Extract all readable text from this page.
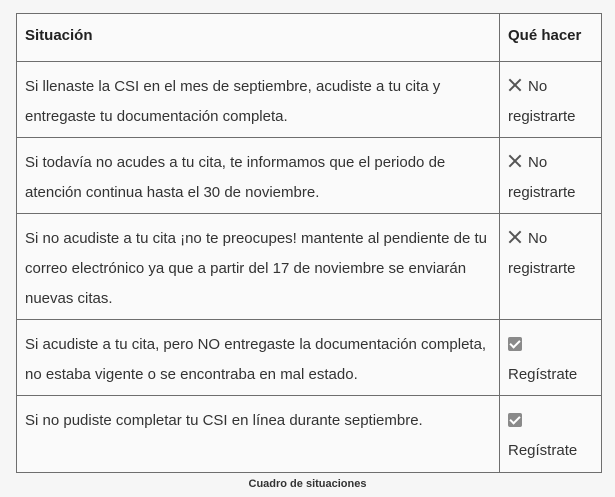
Situación	Qué hacer
Si llenaste la CSI en el mes de septiembre, acudiste a tu cita y entregaste tu documentación completa.
No
registrarte
Si todavía no acudes a tu cita, te informamos que el periodo de atención continua hasta el 30 de noviembre.
No
registrarte
Si no acudiste a tu cita ¡no te preocupes! mantente al pendiente de tu correo electrónico ya que a partir del 17 de noviembre se enviarán nuevas citas.
No
registrarte
Si acudiste a tu cita, pero NO entregaste la documentación completa, no estaba vigente o se encontraba en mal estado.	Regístrate
Si no pudiste completar tu CSI en línea durante septiembre.
Regístrate
Cuadro de situaciones
